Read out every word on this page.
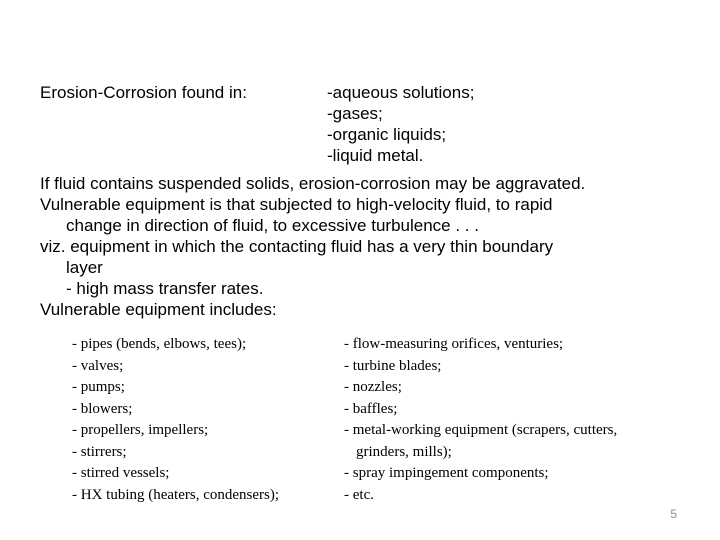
Erosion-Corrosion found in:	-aqueous solutions;
-gases;
-organic liquids;
-liquid metal.
If fluid contains suspended solids, erosion-corrosion may be aggravated.
Vulnerable equipment is that subjected to high-velocity fluid, to rapid
change in direction of fluid, to excessive turbulence . . .
viz. equipment in which the contacting fluid has a very thin boundary
layer
- high mass transfer rates.
Vulnerable equipment includes:
- pipes (bends, elbows, tees);
- valves;
- pumps;
- blowers;
- propellers, impellers;
- stirrers;
- stirred vessels;
- HX tubing (heaters, condensers);
- flow-measuring orifices, venturies;
- turbine blades;
- nozzles;
- baffles;
- metal-working equipment (scrapers, cutters,
grinders, mills);
- spray impingement components;
- etc.
5
